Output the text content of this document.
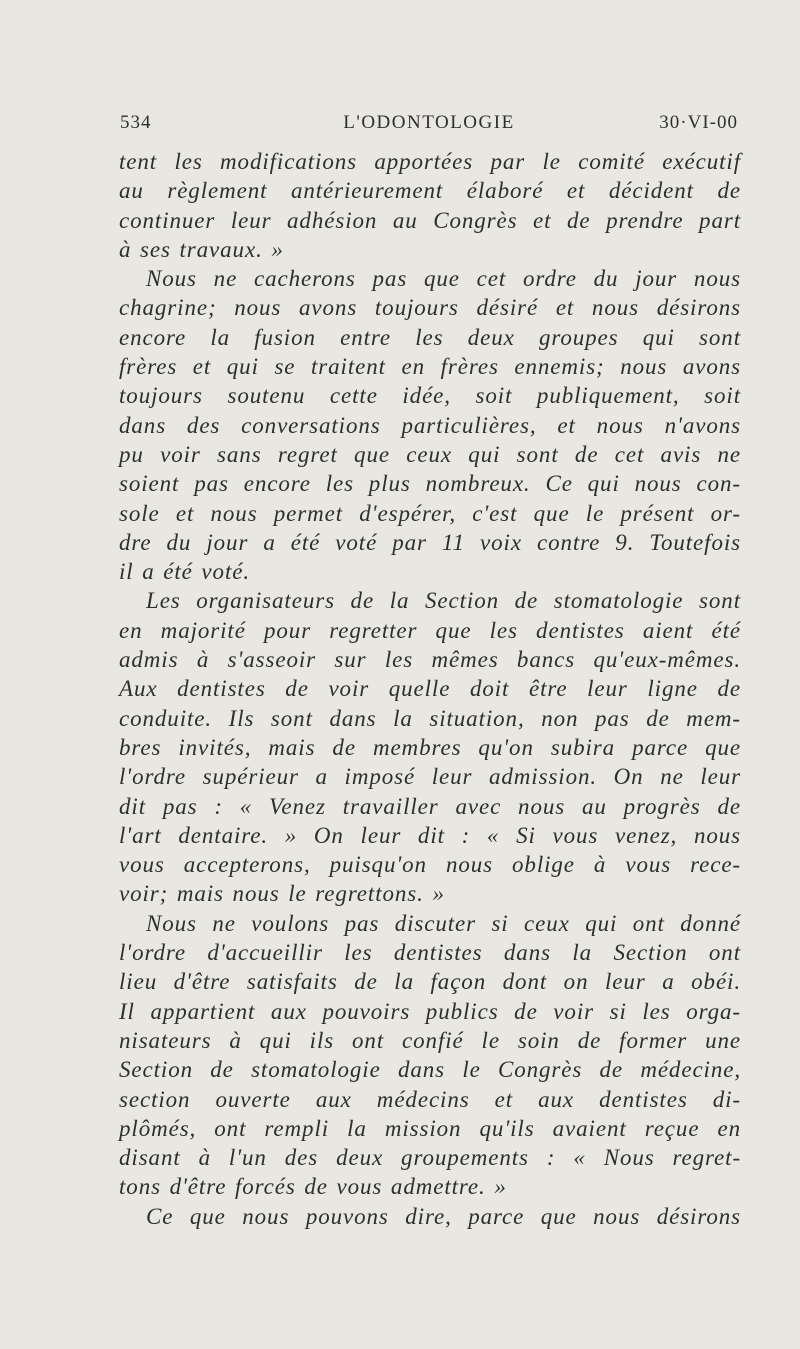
534	L'ODONTOLOGIE	30·VI-00
tent les modifications apportées par le comité exécutif
au règlement antérieurement élaboré et décident de
continuer leur adhésion au Congrès et de prendre part
à ses travaux. »
Nous ne cacherons pas que cet ordre du jour nous
chagrine; nous avons toujours désiré et nous désirons
encore la fusion entre les deux groupes qui sont
frères et qui se traitent en frères ennemis; nous avons
toujours soutenu cette idée, soit publiquement, soit
dans des conversations particulières, et nous n'avons
pu voir sans regret que ceux qui sont de cet avis ne
soient pas encore les plus nombreux. Ce qui nous con-
sole et nous permet d'espérer, c'est que le présent or-
dre du jour a été voté par 11 voix contre 9. Toutefois
il a été voté.
Les organisateurs de la Section de stomatologie sont
en majorité pour regretter que les dentistes aient été
admis à s'asseoir sur les mêmes bancs qu'eux-mêmes.
Aux dentistes de voir quelle doit être leur ligne de
conduite. Ils sont dans la situation, non pas de mem-
bres invités, mais de membres qu'on subira parce que
l'ordre supérieur a imposé leur admission. On ne leur
dit pas : « Venez travailler avec nous au progrès de
l'art dentaire. » On leur dit : « Si vous venez, nous
vous accepterons, puisqu'on nous oblige à vous rece-
voir; mais nous le regrettons. »
Nous ne voulons pas discuter si ceux qui ont donné
l'ordre d'accueillir les dentistes dans la Section ont
lieu d'être satisfaits de la façon dont on leur a obéi.
Il appartient aux pouvoirs publics de voir si les orga-
nisateurs à qui ils ont confié le soin de former une
Section de stomatologie dans le Congrès de médecine,
section ouverte aux médecins et aux dentistes di-
plômés, ont rempli la mission qu'ils avaient reçue en
disant à l'un des deux groupements : « Nous regret-
tons d'être forcés de vous admettre. »
Ce que nous pouvons dire, parce que nous désirons
